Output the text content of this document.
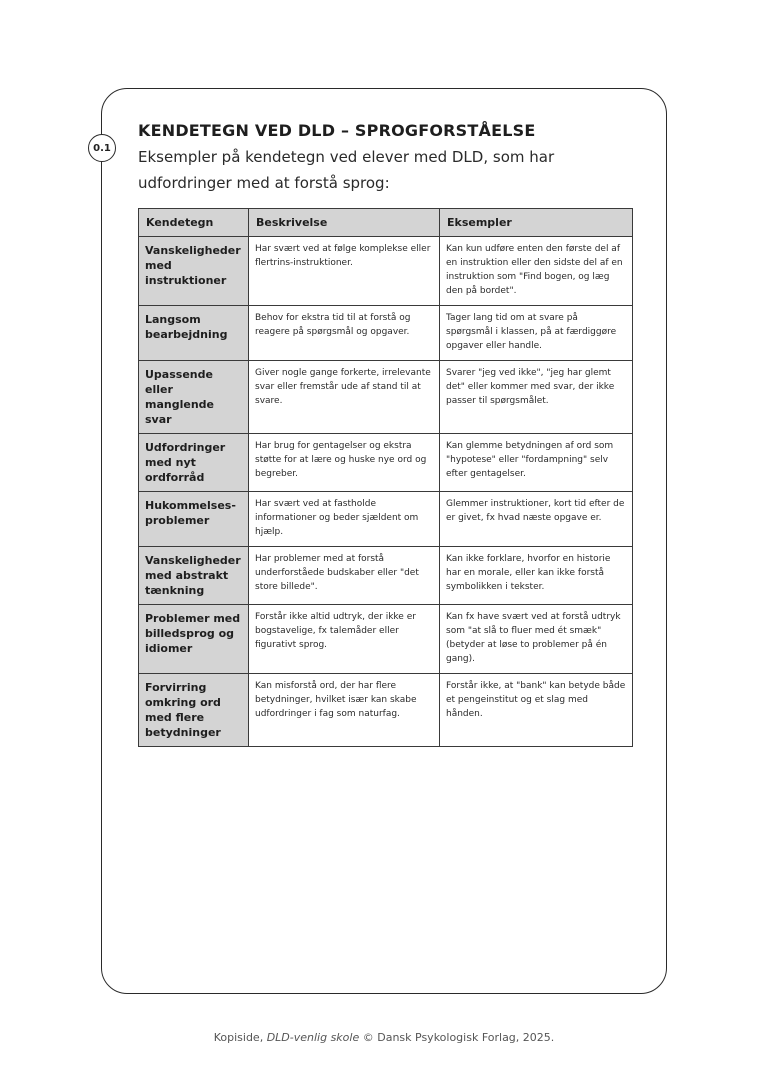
0.1
KENDETEGN VED DLD – SPROGFORSTÅELSE

Eksempler på kendetegn ved elever med DLD, som har udfordringer med at forstå sprog:

Kendetegn	Beskrivelse	Eksempler
Vanskeligheder med instruktioner	Har svært ved at følge komplekse eller flertrins-instruktioner.	Kan kun udføre enten den første del af en instruktion eller den sidste del af en instruktion som "Find bogen, og læg den på bordet".
Langsom bearbejdning	Behov for ekstra tid til at forstå og reagere på spørgsmål og opgaver.	Tager lang tid om at svare på spørgsmål i klassen, på at færdiggøre opgaver eller handle.
Upassende eller manglende svar	Giver nogle gange forkerte, irrelevante svar eller fremstår ude af stand til at svare.	Svarer "jeg ved ikke", "jeg har glemt det" eller kommer med svar, der ikke passer til spørgsmålet.
Udfordringer med nyt ordforråd	Har brug for gentagelser og ekstra støtte for at lære og huske nye ord og begreber.	Kan glemme betydningen af ord som "hypotese" eller "fordampning" selv efter gentagelser.
Hukommelses-problemer	Har svært ved at fastholde informationer og beder sjældent om hjælp.	Glemmer instruktioner, kort tid efter de er givet, fx hvad næste opgave er.
Vanskeligheder med abstrakt tænkning	Har problemer med at forstå underforståede budskaber eller "det store billede".	Kan ikke forklare, hvorfor en historie har en morale, eller kan ikke forstå symbolikken i tekster.
Problemer med billedsprog og idiomer	Forstår ikke altid udtryk, der ikke er bogstavelige, fx talemåder eller figurativt sprog.	Kan fx have svært ved at forstå udtryk som "at slå to fluer med ét smæk" (betyder at løse to problemer på én gang).
Forvirring omkring ord med flere betydninger	Kan misforstå ord, der har flere betydninger, hvilket især kan skabe udfordringer i fag som naturfag.	Forstår ikke, at "bank" kan betyde både et pengeinstitut og et slag med hånden.
Kopiside, DLD-venlig skole © Dansk Psykologisk Forlag, 2025.
